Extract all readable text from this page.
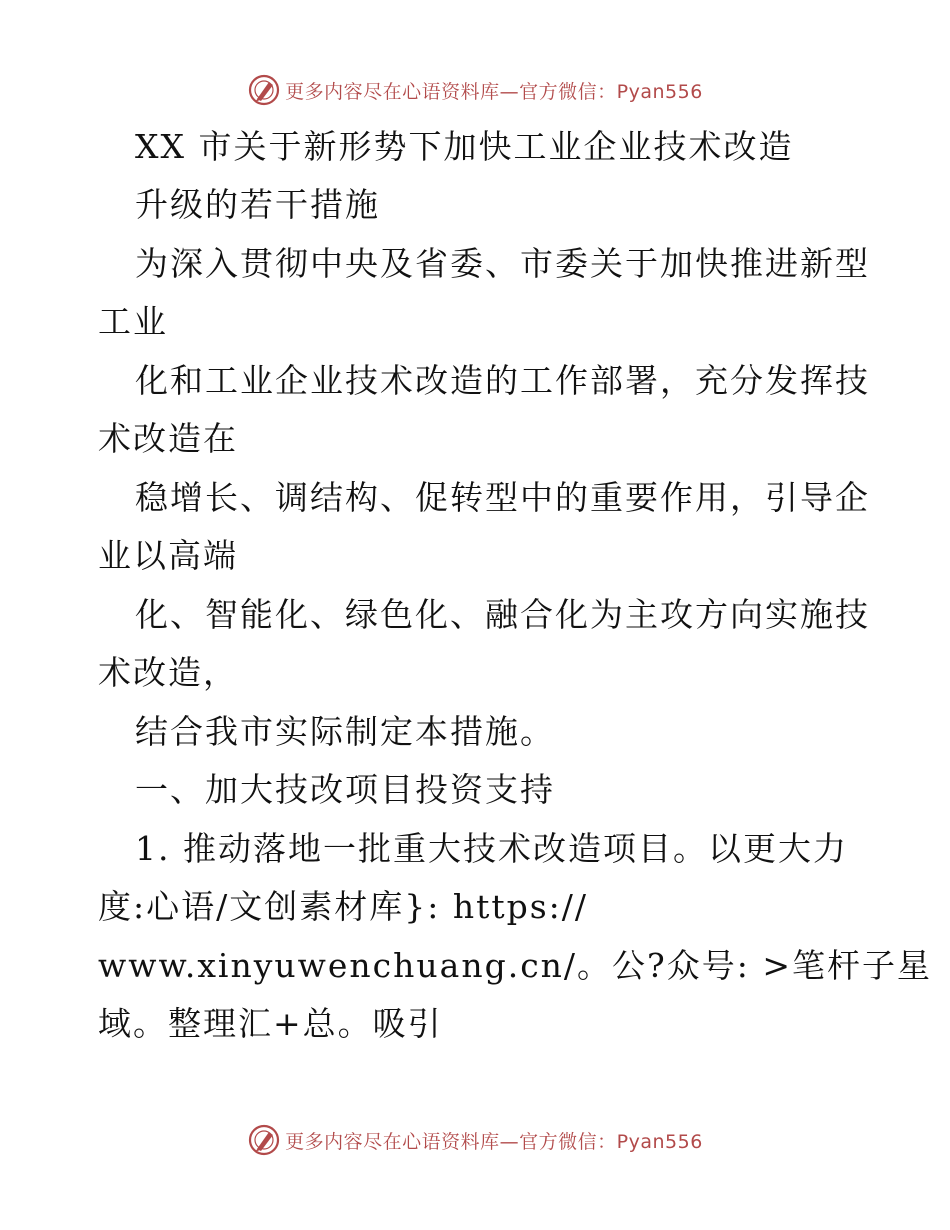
更多内容尽在心语资料库—官方微信：Pyan556
XX 市关于新形势下加快工业企业技术改造
升级的若干措施
为深入贯彻中央及省委、市委关于加快推进新型
工业
化和工业企业技术改造的工作部署，充分发挥技
术改造在
稳增长、调结构、促转型中的重要作用，引导企
业以高端
化、智能化、绿色化、融合化为主攻方向实施技
术改造，
结合我市实际制定本措施。
一、加大技改项目投资支持
1. 推动落地一批重大技术改造项目。以更大力
度:心语/文创素材库}: https://
www.xinyuwenchuang.cn/。公?众号: >笔杆子星
域。整理汇+总。吸引
更多内容尽在心语资料库—官方微信：Pyan556
